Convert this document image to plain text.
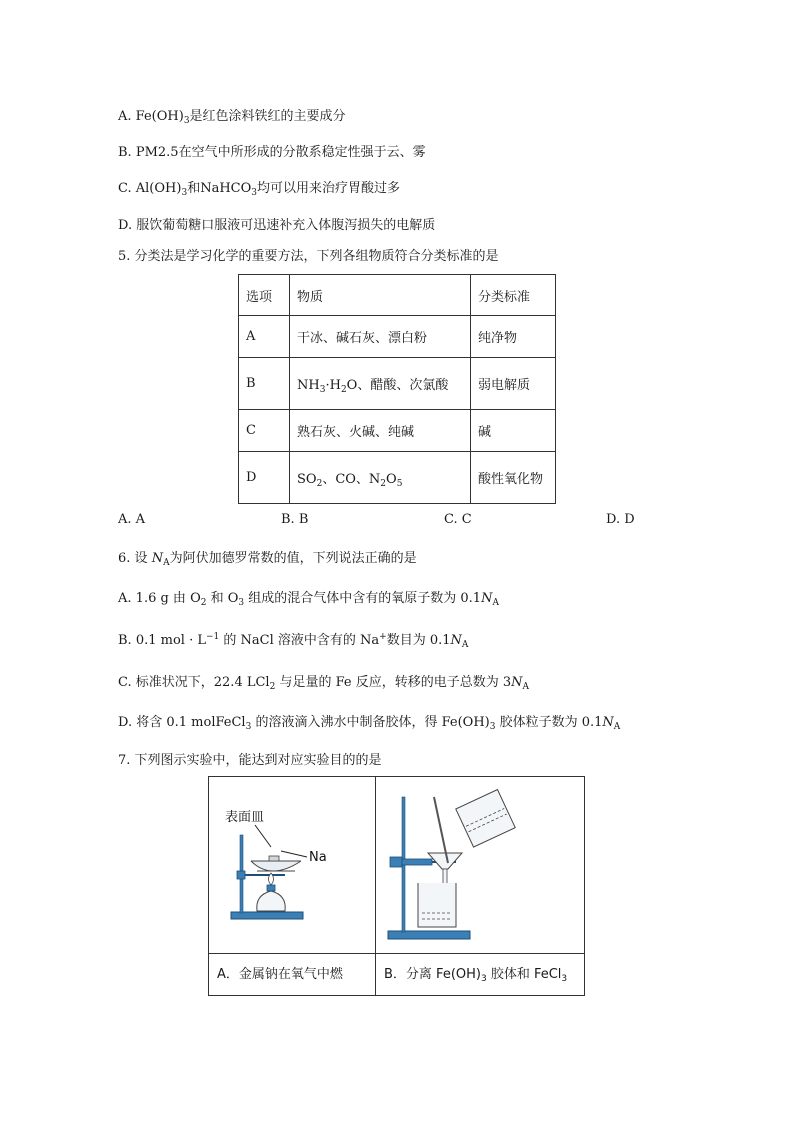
A. $Fe(OH)_3$是红色涂料铁红的主要成分
B. PM2.5在空气中所形成的分散系稳定性强于云、雾
C. $Al(OH)_3$和NaHCO$_3$均可以用来治疗胃酸过多
D. 服饮葡萄糖口服液可迅速补充入体腹泻损失的电解质
5. 分类法是学习化学的重要方法，下列各组物质符合分类标准的是
选项	物质	分类标准
A	干冰、碱石灰、漂白粉	纯净物
B	$NH_3\cdot H_2O$、醋酸、次氯酸	弱电解质
C	熟石灰、火碱、纯碱	碱
D	$SO_2$、CO、$N_2O_5$	酸性氧化物
A. A	B. B	C. C	D. D
6. 设 $N_A$为阿伏加德罗常数的值，下列说法正确的是
A. 1.6 g 由 $O_2$ 和 $O_3$ 组成的混合气体中含有的氧原子数为 $0.1N_A$
B. 0.1 mol · $L^{-1}$ 的 NaCl 溶液中含有的 Na+数目为 $0.1N_A$
C. 标准状况下，22.4 LCl$_2$ 与足量的 Fe 反应，转移的电子总数为 $3N_A$
D. 将含 0.1 molFeCl$_3$ 的溶液滴入沸水中制备胶体，得 $Fe(OH)_3$ 胶体粒子数为 $0.1N_A$
7. 下列图示实验中，能达到对应实验目的的是
表面皿
Na
A．金属钠在氧气中燃	B．分离 $Fe(OH)_3$ 胶体和 FeCl$_3$
